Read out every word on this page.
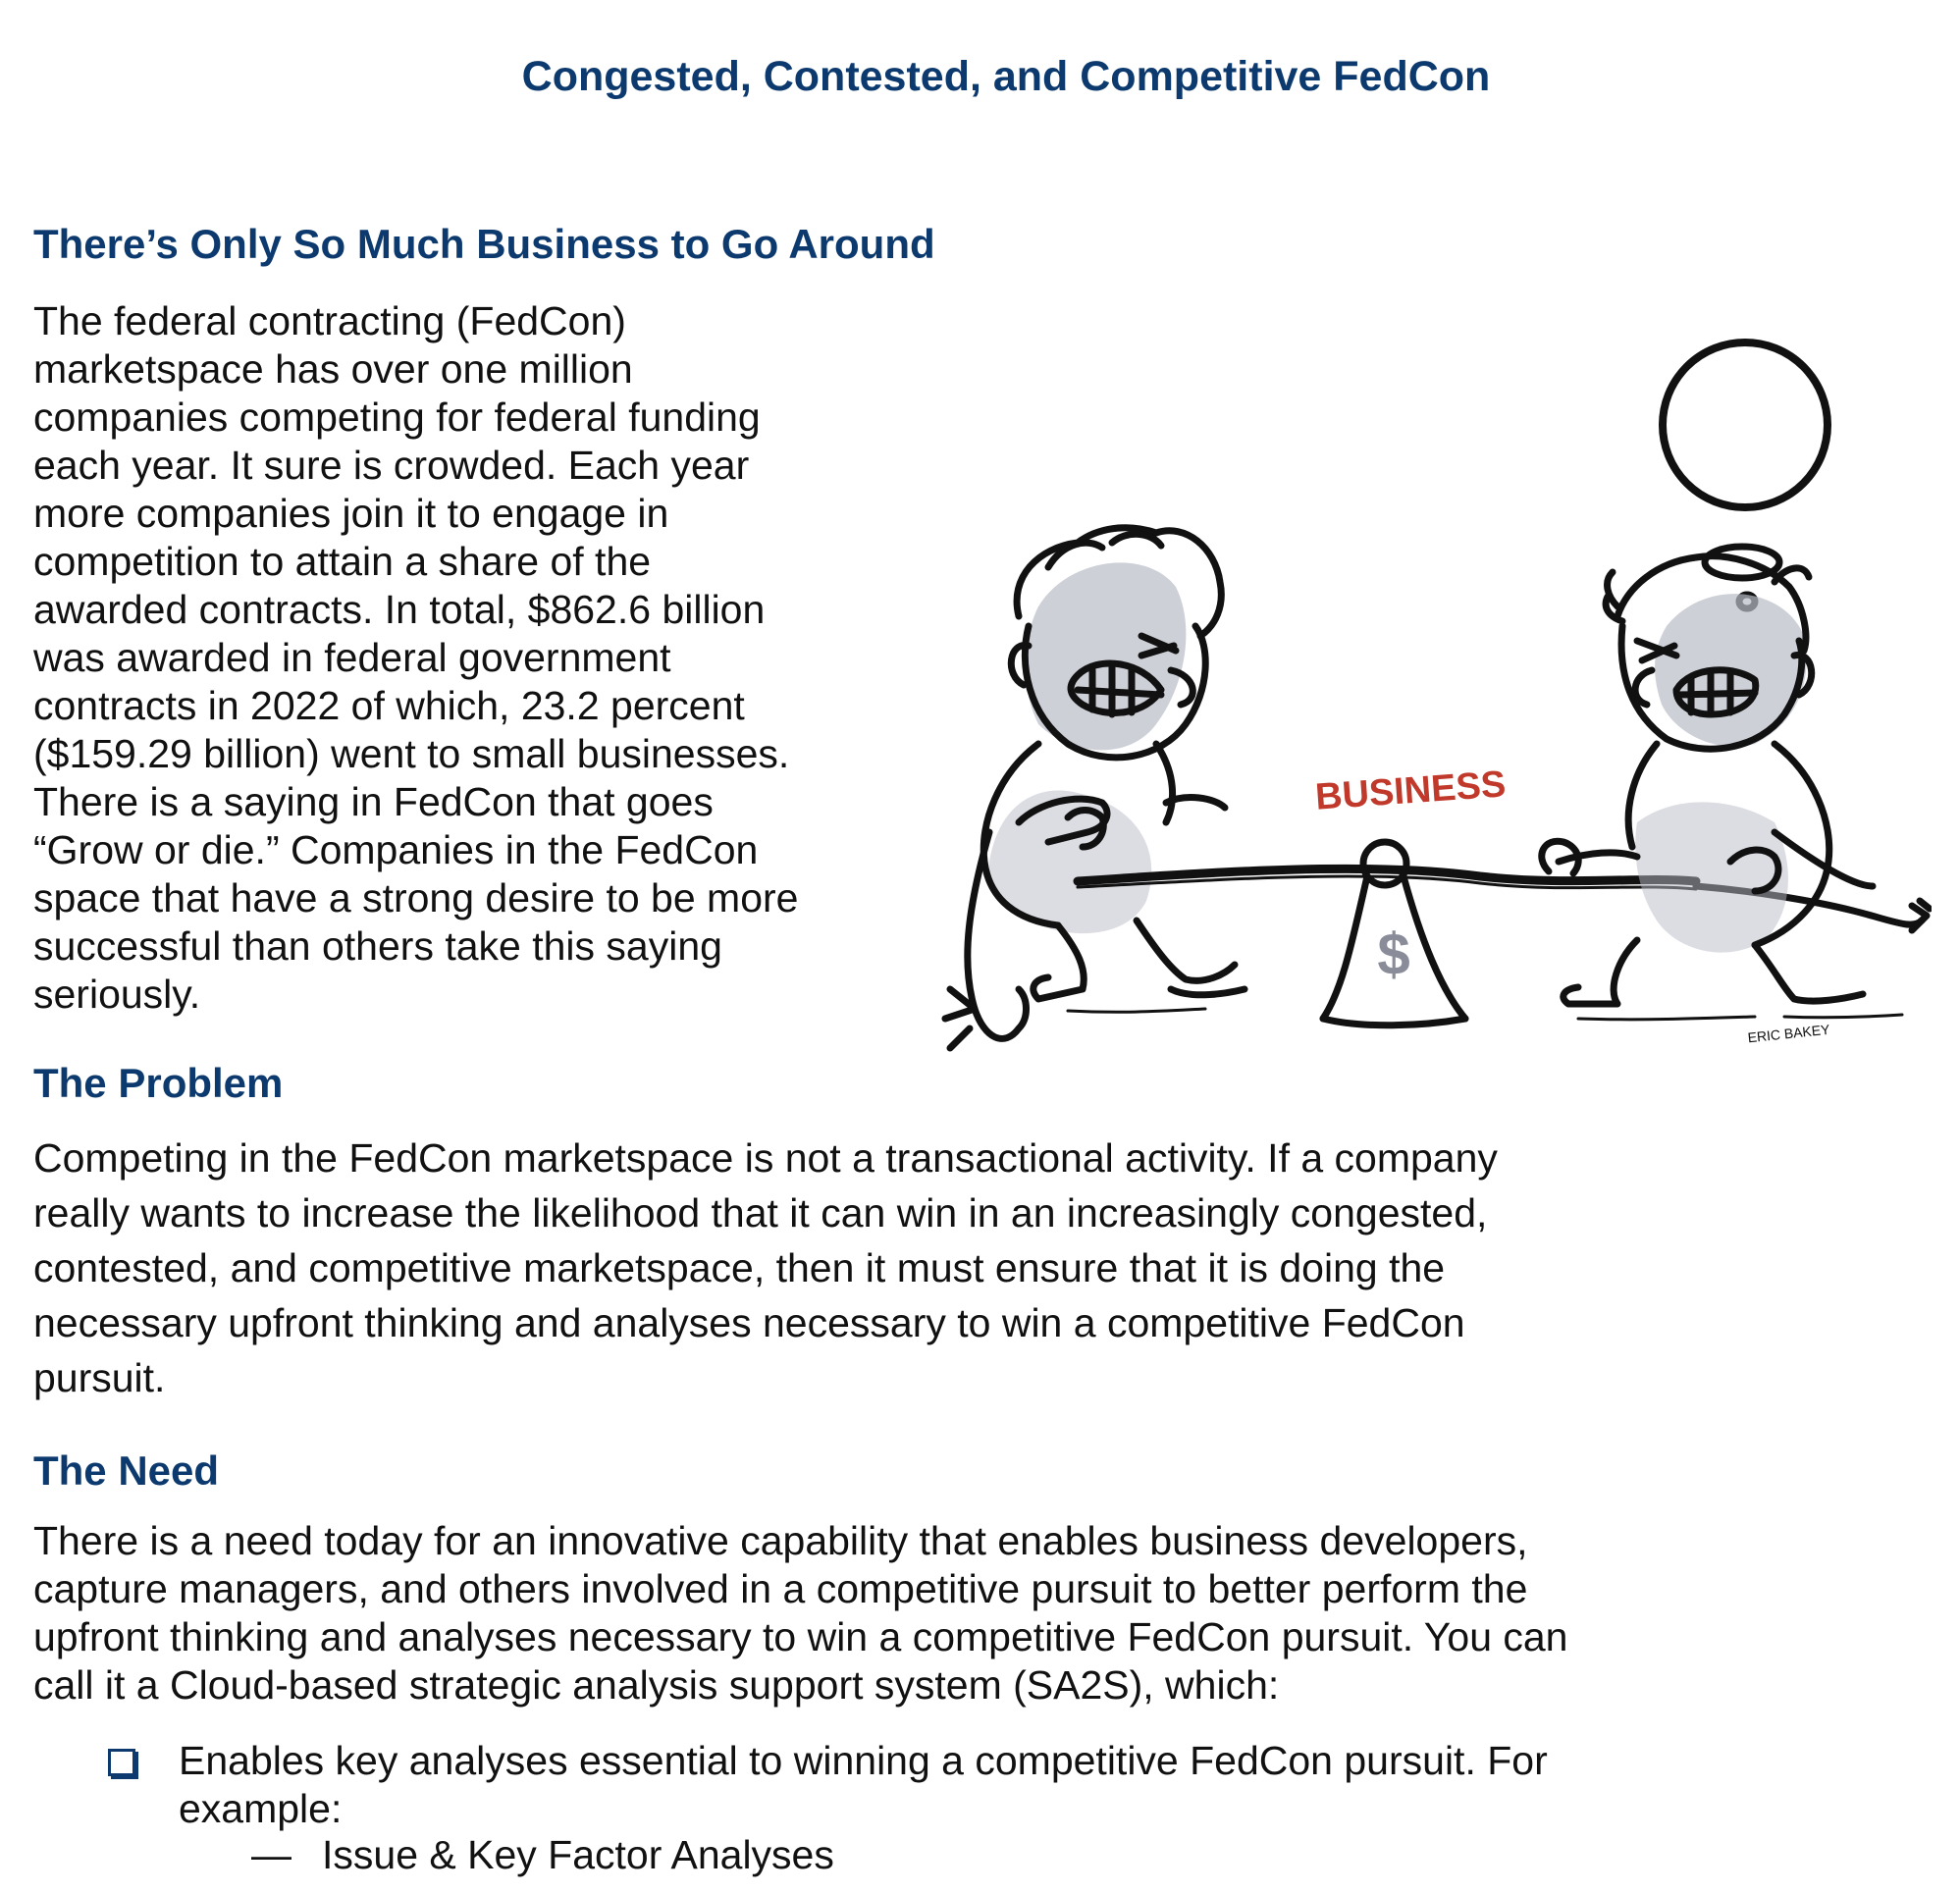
Congested, Contested, and Competitive FedCon
There’s Only So Much Business to Go Around

The federal contracting (FedCon)
marketspace has over one million
companies competing for federal funding
each year. It sure is crowded. Each year
more companies join it to engage in
competition to attain a share of the
awarded contracts. In total, $862.6 billion
was awarded in federal government
contracts in 2022 of which, 23.2 percent
($159.29 billion) went to small businesses.
There is a saying in FedCon that goes
“Grow or die.” Companies in the FedCon
space that have a strong desire to be more
successful than others take this saying
seriously.

$
BUSINESS
ERIC BAKEY
The Problem

Competing in the FedCon marketspace is not a transactional activity. If a company
really wants to increase the likelihood that it can win in an increasingly congested,
contested, and competitive marketspace, then it must ensure that it is doing the
necessary upfront thinking and analyses necessary to win a competitive FedCon
pursuit.

The Need

There is a need today for an innovative capability that enables business developers,
capture managers, and others involved in a competitive pursuit to better perform the
upfront thinking and analyses necessary to win a competitive FedCon pursuit. You can
call it a Cloud-based strategic analysis support system (SA2S), which:

Enables key analyses essential to winning a competitive FedCon pursuit. For
example:
— Issue & Key Factor Analyses
